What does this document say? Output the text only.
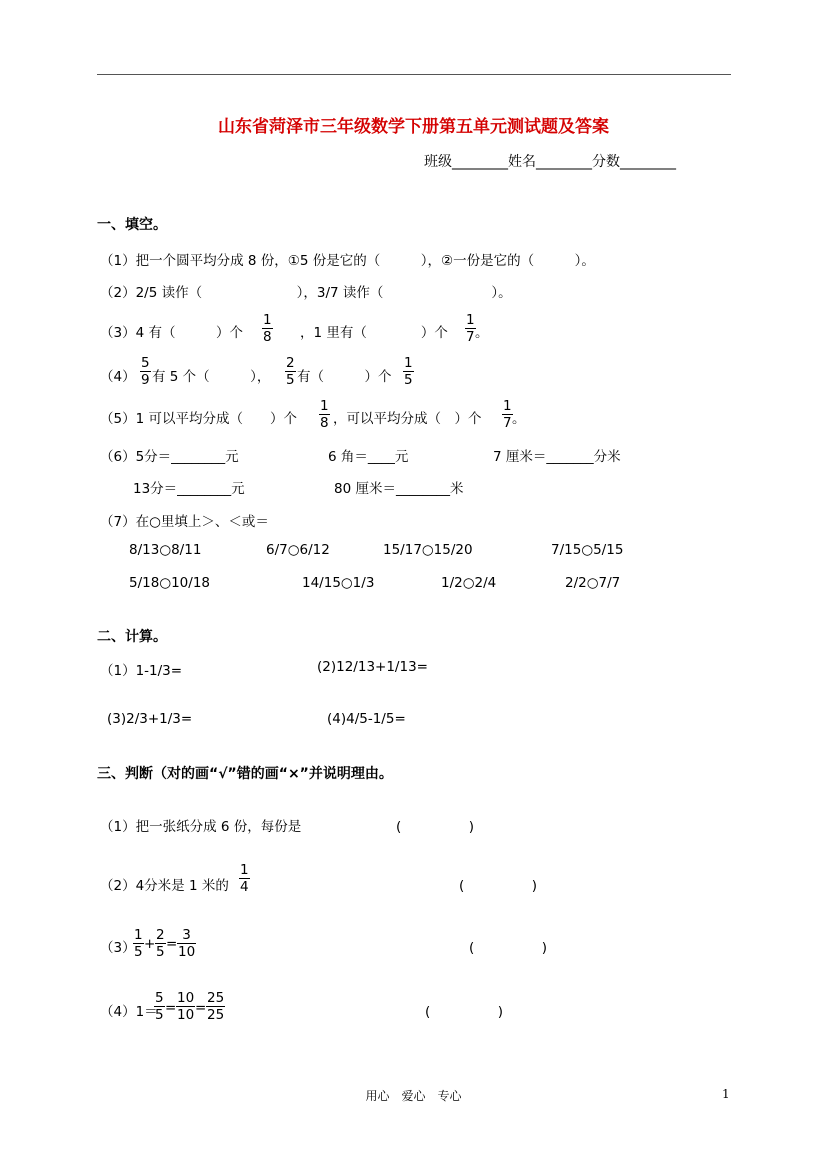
山东省菏泽市三年级数学下册第五单元测试题及答案
班级________姓名________分数________
一、填空。
（1）把一个圆平均分成 8 份，①5 份是它的（　　　），②一份是它的（　　　）。
（2）2/5 读作（　　　　　　　），3/7 读作（　　　　　　　　）。
（3）4 有（　　　）个 $\frac{1}{8}$ ，1 里有（　　　　）个 $\frac{1}{7}$ 。
$(4) \frac{5}{9}$ 有 5 个（　　　）， $\frac{2}{5}$ 有（　　　）个 $\frac{1}{5}$
（5）1 可以平均分成（　　）个 $\frac{1}{8}$ ，可以平均分成（　）个 $\frac{1}{7}$ 。
（6）5分＝________元	6 角＝____元	7 厘米＝_______分米
13分＝________元	80 厘米＝________米
（7）在○里填上＞、＜或＝
8/13○8/11	6/7○6/12	15/17○15/20	7/15○5/15
5/18○10/18	14/15○1/3	1/2○2/4	2/2○7/7
二、计算。
（1）1-1/3=	(2)12/13+1/13=
(3)2/3+1/3=	(4)4/5-1/5=
三、判断（对的画“√”错的画“×”并说明理由。
（1）把一张纸分成 6 份，每份是	(　　　　　)
（2）4分米是 1 米的 $\frac{1}{4}$	(　　　　　)
（3）
$\frac{1}{5} + \frac{2}{5} = \frac{3}{10}$	(　　　　　)
（4）1＝
$\frac{5}{5} = \frac{10}{10} = \frac{25}{25}$	(　　　　　)
用心　爱心　专心	1
